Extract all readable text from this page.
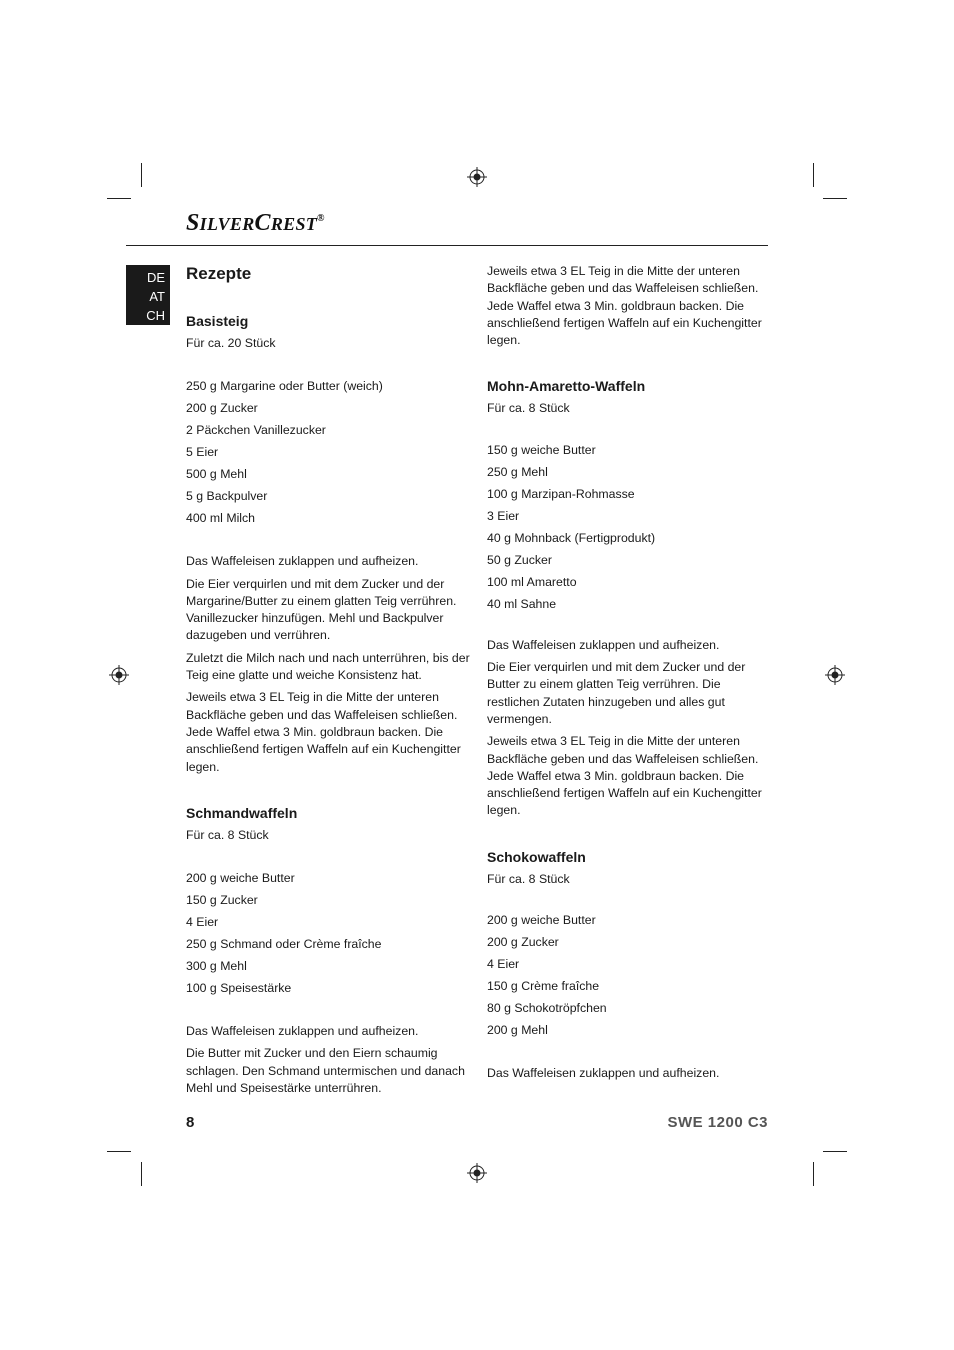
SILVERCREST®
DE
AT
CH
Rezepte
Basisteig

Für ca. 20 Stück

250 g Margarine oder Butter (weich)
200 g Zucker
2 Päckchen Vanillezucker
5 Eier
500 g Mehl
5 g Backpulver
400 ml Milch

Das Waffeleisen zuklappen und aufheizen.

Die Eier verquirlen und mit dem Zucker und der Margarine/Butter zu einem glatten Teig verrühren. Vanillezucker hinzufügen. Mehl und Backpulver dazugeben und verrühren.

Zuletzt die Milch nach und nach unterrühren, bis der Teig eine glatte und weiche Konsistenz hat.

Jeweils etwa 3 EL Teig in die Mitte der unteren Backfläche geben und das Waffeleisen schließen. Jede Waffel etwa 3 Min. goldbraun backen. Die anschließend fertigen Waffeln auf ein Kuchengitter legen.

Schmandwaffeln

Für ca. 8 Stück

200 g weiche Butter
150 g Zucker
4 Eier
250 g Schmand oder Crème fraîche
300 g Mehl
100 g Speisestärke

Das Waffeleisen zuklappen und aufheizen.

Die Butter mit Zucker und den Eiern schaumig schlagen. Den Schmand untermischen und danach Mehl und Speisestärke unterrühren.

Jeweils etwa 3 EL Teig in die Mitte der unteren Backfläche geben und das Waffeleisen schließen. Jede Waffel etwa 3 Min. goldbraun backen. Die anschließend fertigen Waffeln auf ein Kuchengitter legen.

Mohn-Amaretto-Waffeln

Für ca. 8 Stück

150 g weiche Butter
250 g Mehl
100 g Marzipan-Rohmasse
3 Eier
40 g Mohnback (Fertigprodukt)
50 g Zucker
100 ml Amaretto
40 ml Sahne

Das Waffeleisen zuklappen und aufheizen.

Die Eier verquirlen und mit dem Zucker und der Butter zu einem glatten Teig verrühren. Die restlichen Zutaten hinzugeben und alles gut vermengen.

Jeweils etwa 3 EL Teig in die Mitte der unteren Backfläche geben und das Waffeleisen schließen. Jede Waffel etwa 3 Min. goldbraun backen. Die anschließend fertigen Waffeln auf ein Kuchengitter legen.

Schokowaffeln

Für ca. 8 Stück

200 g weiche Butter
200 g Zucker
4 Eier
150 g Crème fraîche
80 g Schokotröpfchen
200 g Mehl

Das Waffeleisen zuklappen und aufheizen.

8	SWE 1200 C3
